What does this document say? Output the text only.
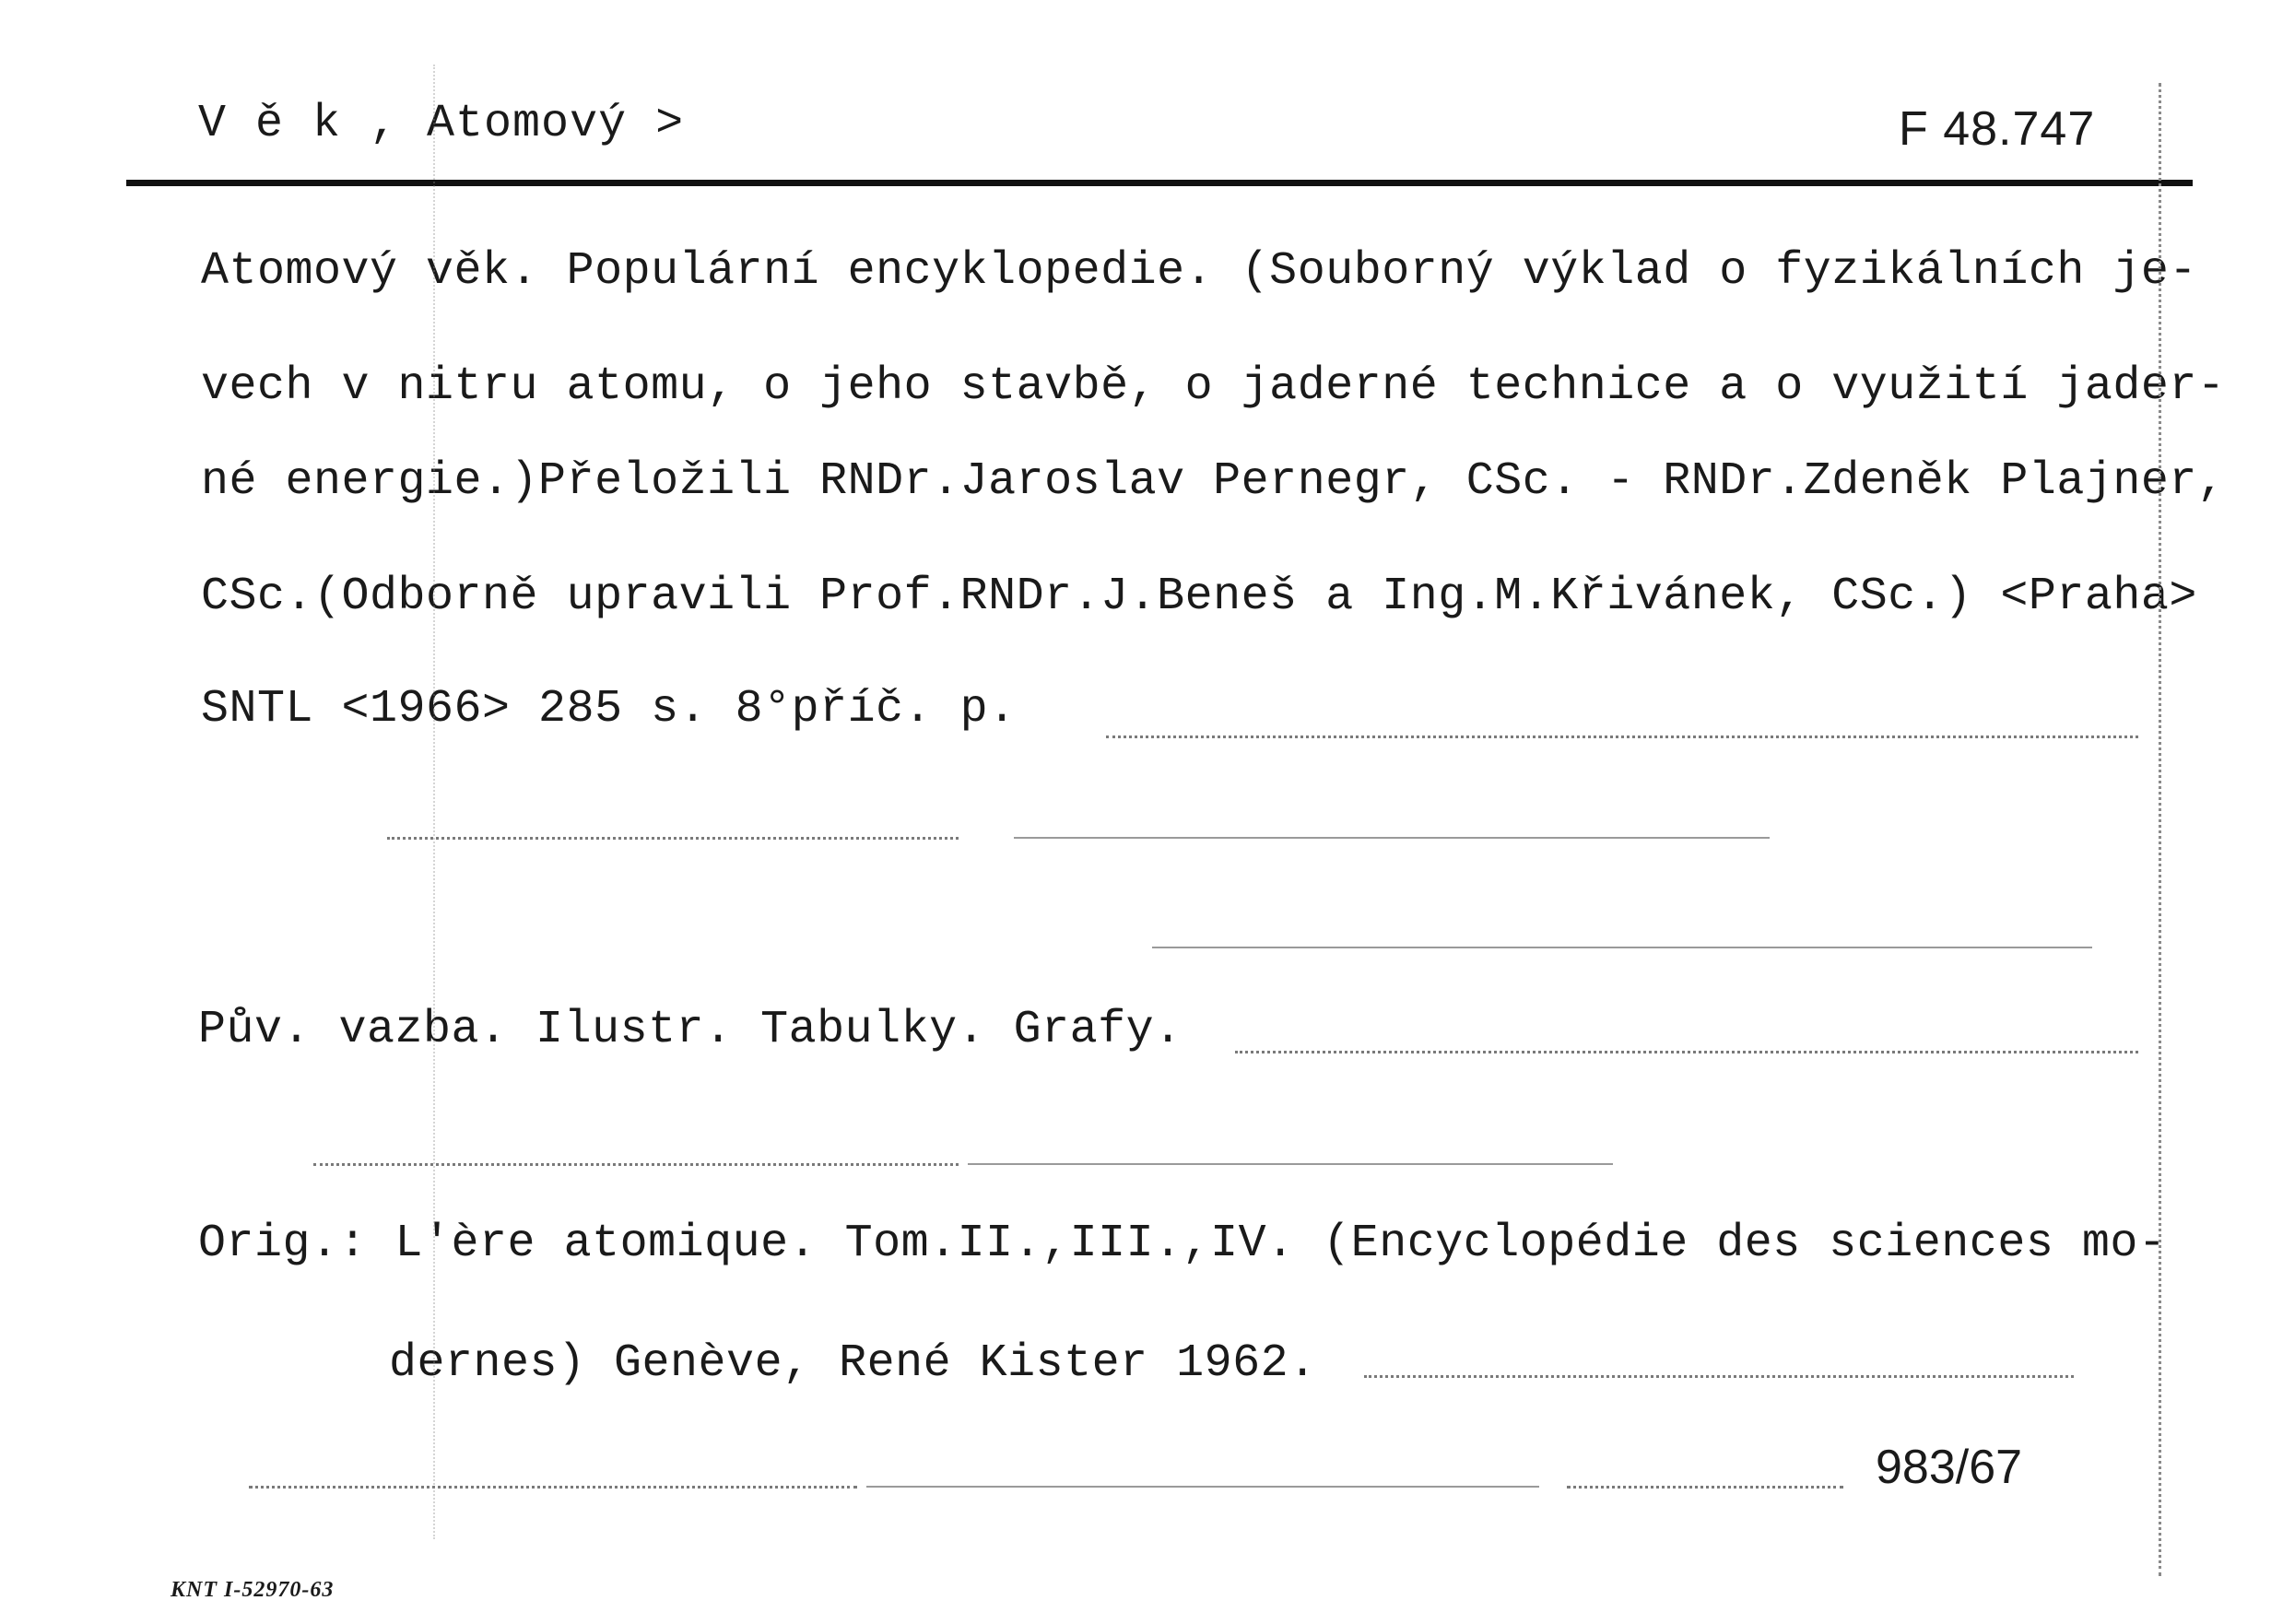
V ě k , Atomový >	F 48.747
Atomový věk. Populární encyklopedie. (Souborný výklad o fyzikálních je-
vech v nitru atomu, o jeho stavbě, o jaderné technice a o využití jader-
né energie.)Přeložili RNDr.Jaroslav Pernegr, CSc. - RNDr.Zdeněk Plajner,
CSc.(Odborně upravili Prof.RNDr.J.Beneš a Ing.M.Křivánek, CSc.) <Praha>
SNTL <1966> 285 s. 8°příč. p.
Pův. vazba. Ilustr. Tabulky. Grafy.
Orig.: L'ère atomique. Tom.II.,III.,IV. (Encyclopédie des sciences mo-
dernes) Genève, René Kister 1962.
983/67
KNT I-52970-63
